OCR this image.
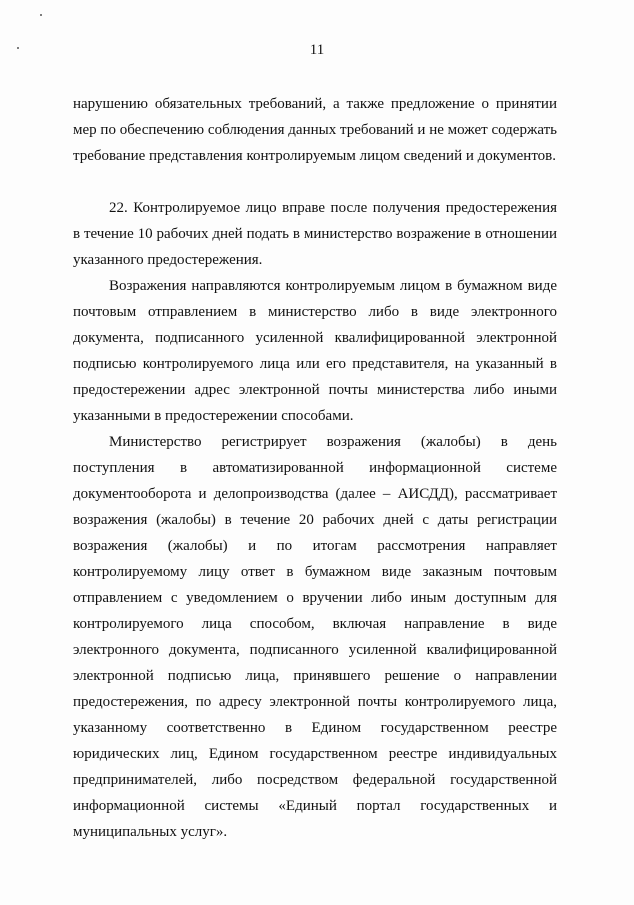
11

нарушению обязательных требований, а также предложение о принятии мер по обеспечению соблюдения данных требований и не может содержать требование представления контролируемым лицом сведений и документов.

22. Контролируемое лицо вправе после получения предостережения в течение 10 рабочих дней подать в министерство возражение в отношении указанного предостережения.

Возражения направляются контролируемым лицом в бумажном виде почтовым отправлением в министерство либо в виде электронного документа, подписанного усиленной квалифицированной электронной подписью контролируемого лица или его представителя, на указанный в предостережении адрес электронной почты министерства либо иными указанными в предостережении способами.

Министерство регистрирует возражения (жалобы) в день поступления в автоматизированной информационной системе документооборота и делопроизводства (далее – АИСДД), рассматривает возражения (жалобы) в течение 20 рабочих дней с даты регистрации возражения (жалобы) и по итогам рассмотрения направляет контролируемому лицу ответ в бумажном виде заказным почтовым отправлением с уведомлением о вручении либо иным доступным для контролируемого лица способом, включая направление в виде электронного документа, подписанного усиленной квалифицированной электронной подписью лица, принявшего решение о направлении предостережения, по адресу электронной почты контролируемого лица, указанному соответственно в Едином государственном реестре юридических лиц, Едином государственном реестре индивидуальных предпринимателей, либо посредством федеральной государственной информационной системы «Единый портал государственных и муниципальных услуг».
